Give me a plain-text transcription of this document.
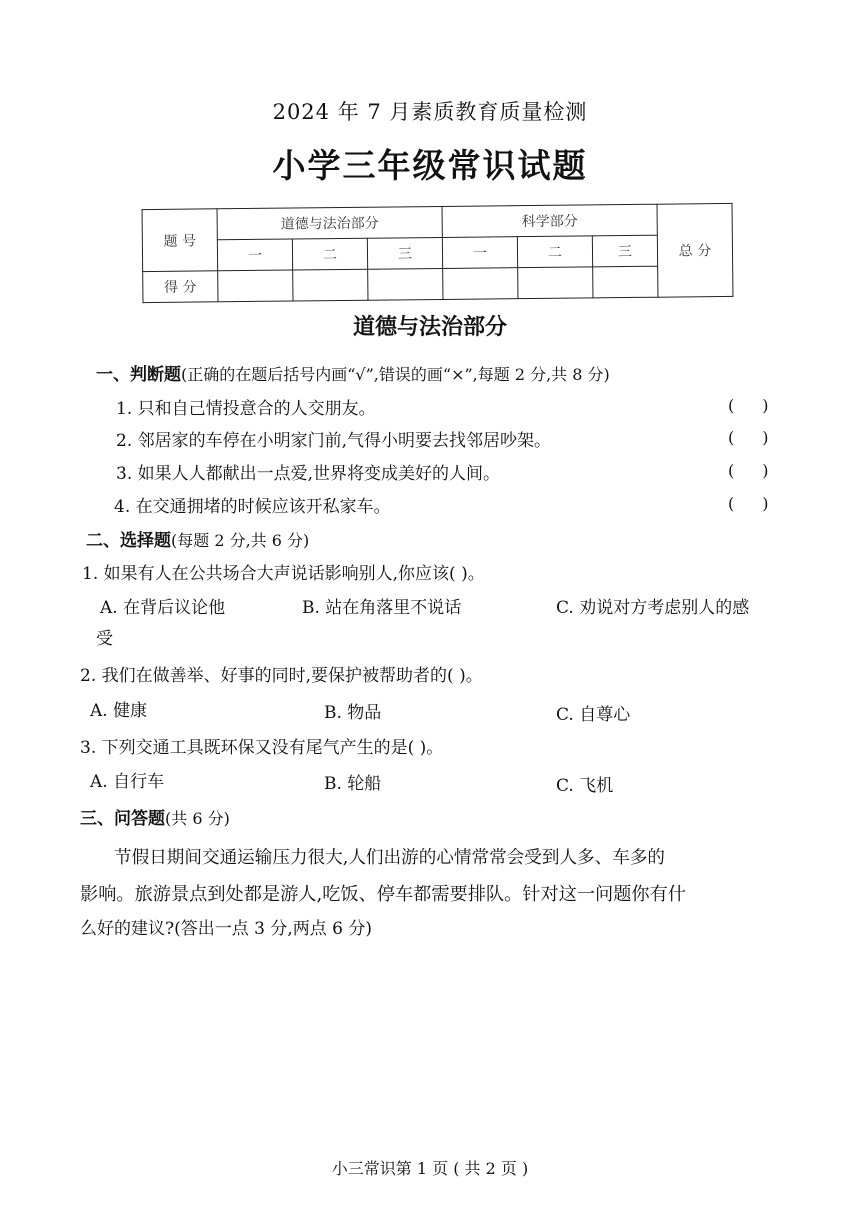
2024 年 7 月素质教育质量检测
小学三年级常识试题
题 号	道德与法治部分			科学部分			总 分
	一	二	三	一	二	三	
得 分							
道德与法治部分
一、判断题(正确的在题后括号内画“√”,错误的画“×”,每题 2 分,共 8 分)
1. 只和自己情投意合的人交朋友。	()
2. 邻居家的车停在小明家门前,气得小明要去找邻居吵架。	()
3. 如果人人都献出一点爱,世界将变成美好的人间。	()
4. 在交通拥堵的时候应该开私家车。	()
二、选择题(每题 2 分,共 6 分)
1. 如果有人在公共场合大声说话影响别人,你应该( )。
A. 在背后议论他	B. 站在角落里不说话	C. 劝说对方考虑别人的感
受
2. 我们在做善举、好事的同时,要保护被帮助者的( )。
A. 健康	B. 物品	C. 自尊心
3. 下列交通工具既环保又没有尾气产生的是( )。
A. 自行车	B. 轮船	C. 飞机
三、问答题(共 6 分)
节假日期间交通运输压力很大,人们出游的心情常常会受到人多、车多的
影响。旅游景点到处都是游人,吃饭、停车都需要排队。针对这一问题你有什
么好的建议?(答出一点 3 分,两点 6 分)
小三常识第 1 页 ( 共 2 页 )
